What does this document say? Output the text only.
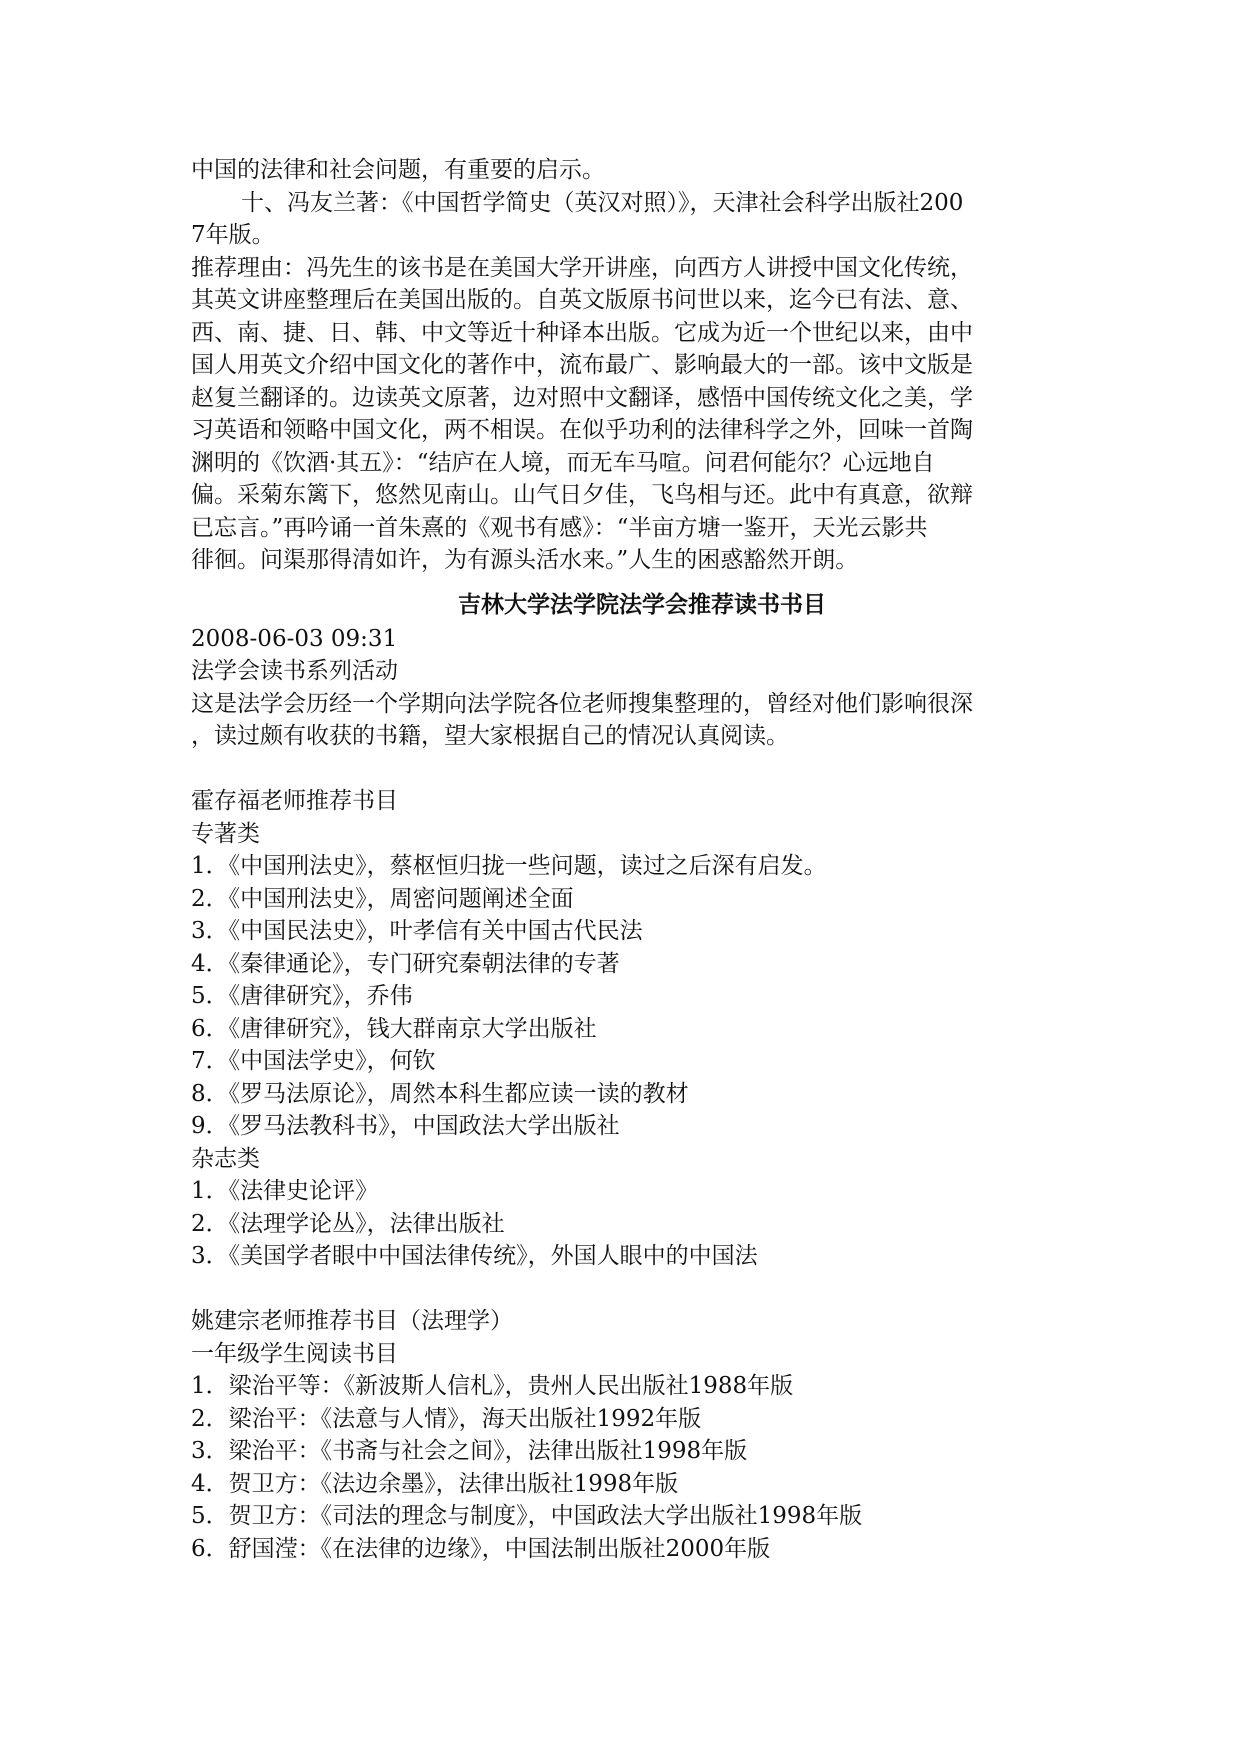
中国的法律和社会问题，有重要的启示。
十、冯友兰著：《中国哲学简史（英汉对照）》，天津社会科学出版社200
7年版。
推荐理由：冯先生的该书是在美国大学开讲座，向西方人讲授中国文化传统，
其英文讲座整理后在美国出版的。自英文版原书问世以来，迄今已有法、意、
西、南、捷、日、韩、中文等近十种译本出版。它成为近一个世纪以来，由中
国人用英文介绍中国文化的著作中，流布最广、影响最大的一部。该中文版是
赵复兰翻译的。边读英文原著，边对照中文翻译，感悟中国传统文化之美，学
习英语和领略中国文化，两不相误。在似乎功利的法律科学之外，回味一首陶
渊明的《饮酒·其五》：“结庐在人境，而无车马喧。问君何能尔？心远地自
偏。采菊东篱下，悠然见南山。山气日夕佳，飞鸟相与还。此中有真意，欲辩
已忘言。”再吟诵一首朱熹的《观书有感》：“半亩方塘一鉴开，天光云影共
徘徊。问渠那得清如许，为有源头活水来。”人生的困惑豁然开朗。
吉林大学法学院法学会推荐读书书目
2008-06-03 09:31
法学会读书系列活动
这是法学会历经一个学期向法学院各位老师搜集整理的，曾经对他们影响很深
，读过颇有收获的书籍，望大家根据自己的情况认真阅读。
霍存福老师推荐书目
专著类
1．《中国刑法史》，蔡枢恒归拢一些问题，读过之后深有启发。
2．《中国刑法史》，周密问题阐述全面
3．《中国民法史》，叶孝信有关中国古代民法
4．《秦律通论》，专门研究秦朝法律的专著
5．《唐律研究》，乔伟
6．《唐律研究》，钱大群南京大学出版社
7．《中国法学史》，何钦
8．《罗马法原论》，周然本科生都应读一读的教材
9．《罗马法教科书》，中国政法大学出版社
杂志类
1．《法律史论评》
2．《法理学论丛》，法律出版社
3．《美国学者眼中中国法律传统》，外国人眼中的中国法
姚建宗老师推荐书目（法理学）
一年级学生阅读书目
1．梁治平等：《新波斯人信札》，贵州人民出版社1988年版
2．梁治平：《法意与人情》，海天出版社1992年版
3．梁治平：《书斋与社会之间》，法律出版社1998年版
4．贺卫方：《法边余墨》，法律出版社1998年版
5．贺卫方：《司法的理念与制度》，中国政法大学出版社1998年版
6．舒国滢：《在法律的边缘》，中国法制出版社2000年版
